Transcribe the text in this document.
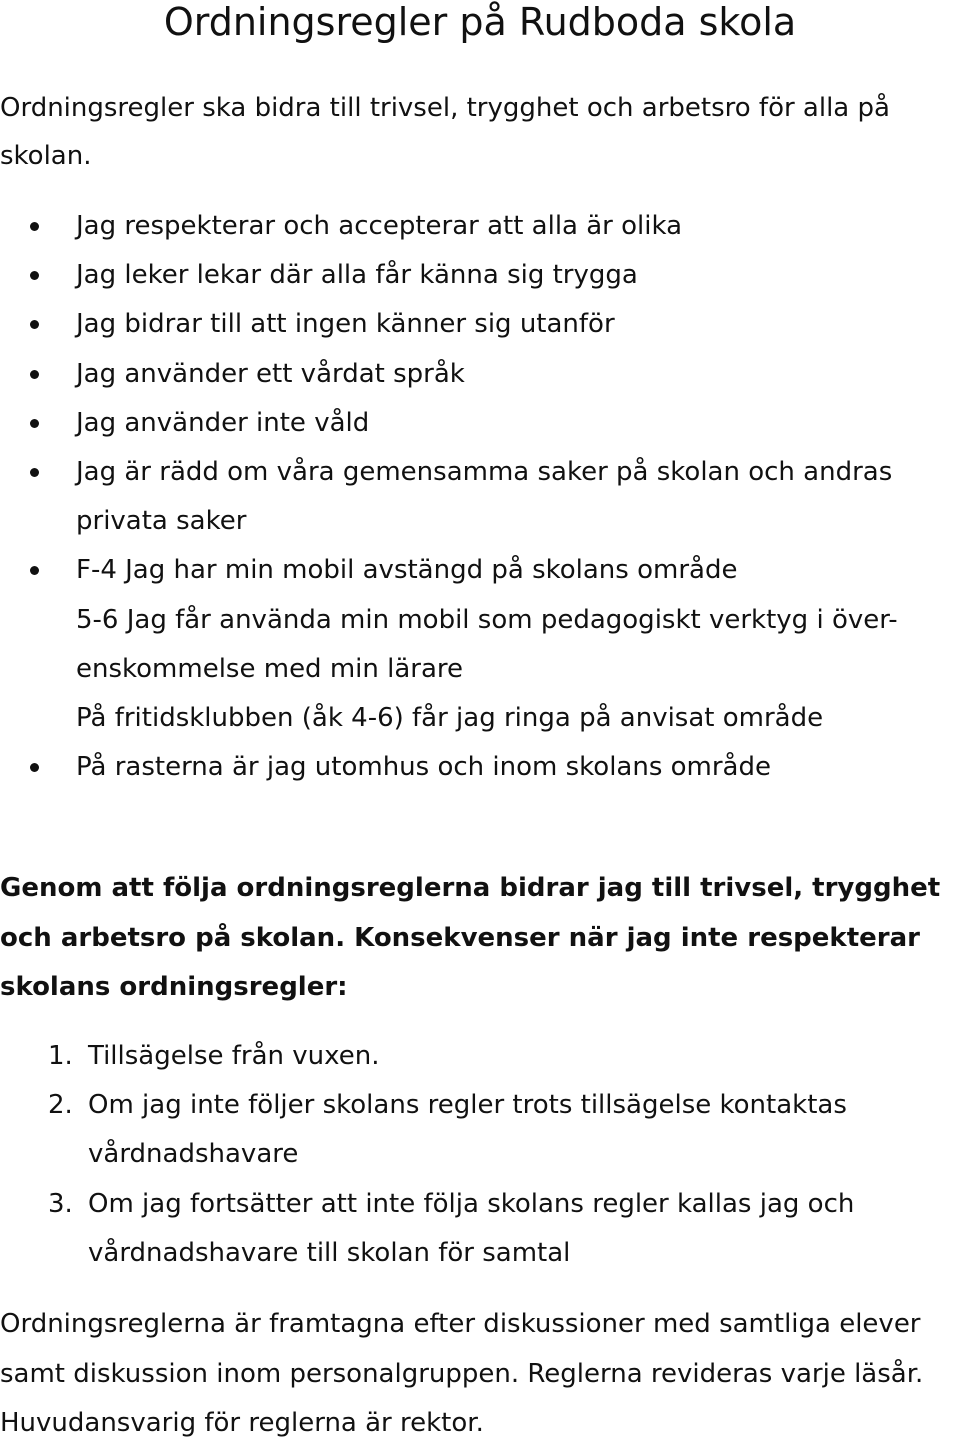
Ordningsregler på Rudboda skola

Ordningsregler ska bidra till trivsel, trygghet och arbetsro för alla på skolan.

Jag respekterar och accepterar att alla är olika
Jag leker lekar där alla får känna sig trygga
Jag bidrar till att ingen känner sig utanför
Jag använder ett vårdat språk
Jag använder inte våld
Jag är rädd om våra gemensamma saker på skolan och andras privata saker
F-4 Jag har min mobil avstängd på skolans område
5-6 Jag får använda min mobil som pedagogiskt verktyg i över-enskommelse med min lärare
På fritidsklubben (åk 4-6) får jag ringa på anvisat område
På rasterna är jag utomhus och inom skolans område

Genom att följa ordningsreglerna bidrar jag till trivsel, trygghet och arbetsro på skolan. Konsekvenser när jag inte respekterar skolans ordningsregler:

1. Tillsägelse från vuxen.
2. Om jag inte följer skolans regler trots tillsägelse kontaktas vårdnadshavare
3. Om jag fortsätter att inte följa skolans regler kallas jag och vårdnadshavare till skolan för samtal

Ordningsreglerna är framtagna efter diskussioner med samtliga elever samt diskussion inom personalgruppen. Reglerna revideras varje läsår. Huvudansvarig för reglerna är rektor.
